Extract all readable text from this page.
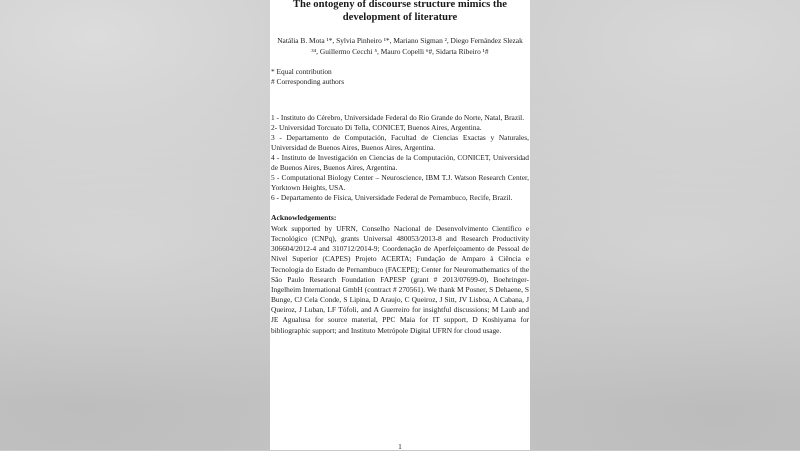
The ontogeny of discourse structure mimics the
development of literature
Natália B. Mota ¹*, Sylvia Pinheiro ¹*, Mariano Sigman ², Diego Fernández Slezak
³⁴, Guillermo Cecchi ⁵, Mauro Copelli ⁶#, Sidarta Ribeiro ¹#
* Equal contribution
# Corresponding authors

1 - Instituto do Cérebro, Universidade Federal do Rio Grande do Norte, Natal, Brazil.

2- Universidad Torcuato Di Tella, CONICET, Buenos Aires, Argentina.

3 - Departamento de Computación, Facultad de Ciencias Exactas y Naturales, Universidad de Buenos Aires, Buenos Aires, Argentina.

4 - Instituto de Investigación en Ciencias de la Computación, CONICET, Universidad de Buenos Aires, Buenos Aires, Argentina.

5 - Computational Biology Center – Neuroscience, IBM T.J. Watson Research Center, Yorktown Heights, USA.

6 - Departamento de Física, Universidade Federal de Pernambuco, Recife, Brazil.

Acknowledgements:
Work supported by UFRN, Conselho Nacional de Desenvolvimento Científico e Tecnológico (CNPq), grants Universal 480053/2013-8 and Research Productivity 306604/2012-4 and 310712/2014-9; Coordenação de Aperfeiçoamento de Pessoal de Nível Superior (CAPES) Projeto ACERTA; Fundação de Amparo à Ciência e Tecnologia do Estado de Pernambuco (FACEPE); Center for Neuromathematics of the São Paulo Research Foundation FAPESP (grant # 2013/07699-0), Boehringer-Ingelheim International GmbH (contract # 270561). We thank M Posner, S Dehaene, S Bunge, CJ Cela Conde, S Lipina, D Araujo, C Queiroz, J Sitt, JV Lisboa, A Cabana, J Queiroz, J Luban, LF Tófoli, and A Guerreiro for insightful discussions; M Laub and JE Agualusa for source material, PPC Maia for IT support, D Koshiyama for bibliographic support; and Instituto Metrópole Digital UFRN for cloud usage.
1
